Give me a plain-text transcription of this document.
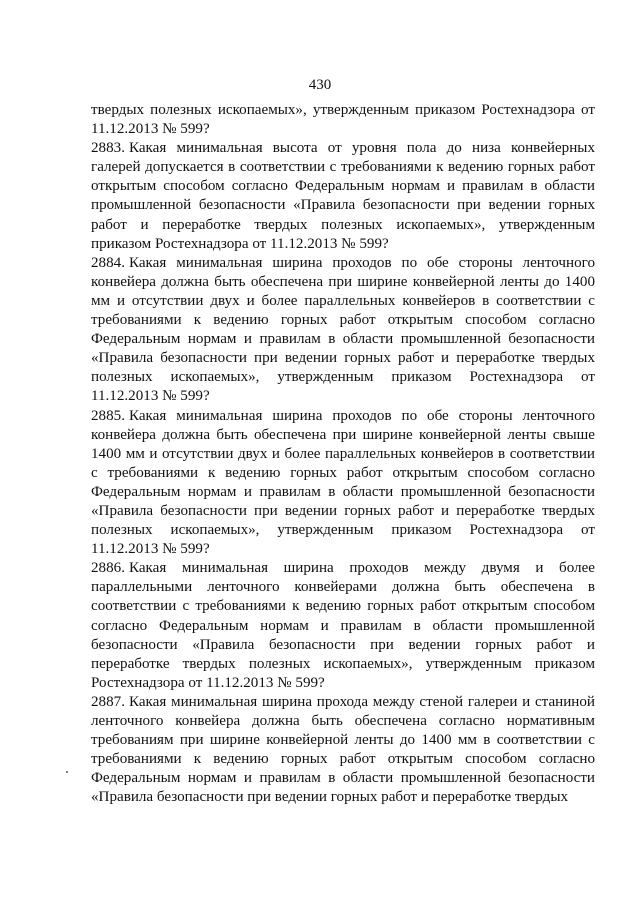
430

твердых полезных ископаемых», утвержденным приказом Ростехнадзора от 11.12.2013 № 599?

2883. Какая минимальная высота от уровня пола до низа конвейерных галерей допускается в соответствии с требованиями к ведению горных работ открытым способом согласно Федеральным нормам и правилам в области промышленной безопасности «Правила безопасности при ведении горных работ и переработке твердых полезных ископаемых», утвержденным приказом Ростехнадзора от 11.12.2013 № 599?

2884. Какая минимальная ширина проходов по обе стороны ленточного конвейера должна быть обеспечена при ширине конвейерной ленты до 1400 мм и отсутствии двух и более параллельных конвейеров в соответствии с требованиями к ведению горных работ открытым способом согласно Федеральным нормам и правилам в области промышленной безопасности «Правила безопасности при ведении горных работ и переработке твердых полезных ископаемых», утвержденным приказом Ростехнадзора от 11.12.2013 № 599?

2885. Какая минимальная ширина проходов по обе стороны ленточного конвейера должна быть обеспечена при ширине конвейерной ленты свыше 1400 мм и отсутствии двух и более параллельных конвейеров в соответствии с требованиями к ведению горных работ открытым способом согласно Федеральным нормам и правилам в области промышленной безопасности «Правила безопасности при ведении горных работ и переработке твердых полезных ископаемых», утвержденным приказом Ростехнадзора от 11.12.2013 № 599?

2886. Какая минимальная ширина проходов между двумя и более параллельными ленточного конвейерами должна быть обеспечена в соответствии с требованиями к ведению горных работ открытым способом согласно Федеральным нормам и правилам в области промышленной безопасности «Правила безопасности при ведении горных работ и переработке твердых полезных ископаемых», утвержденным приказом Ростехнадзора от 11.12.2013 № 599?

2887. Какая минимальная ширина прохода между стеной галереи и станиной ленточного конвейера должна быть обеспечена согласно нормативным требованиям при ширине конвейерной ленты до 1400 мм в соответствии с требованиями к ведению горных работ открытым способом согласно Федеральным нормам и правилам в области промышленной безопасности «Правила безопасности при ведении горных работ и переработке твердых
